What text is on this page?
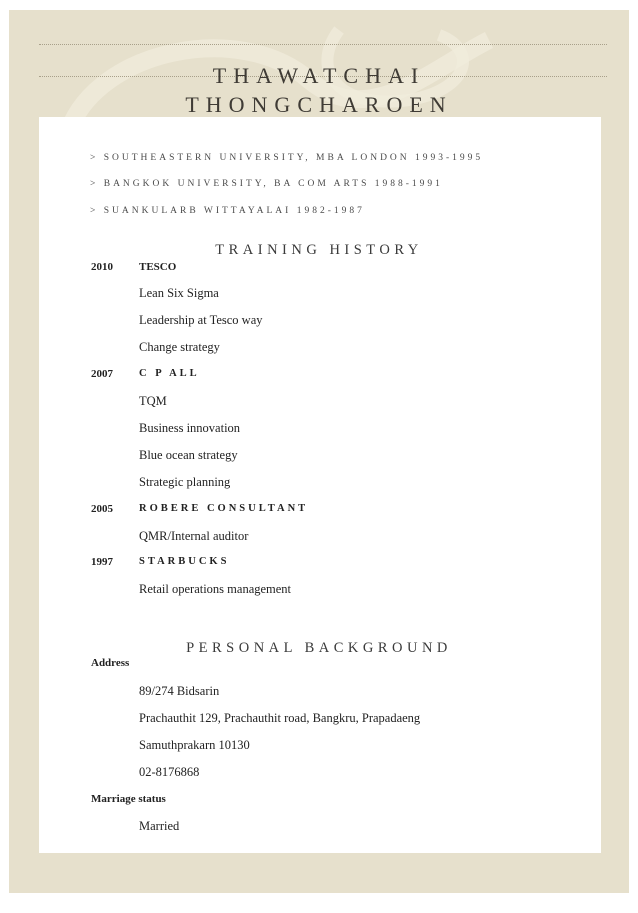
THAWATCHAI
THONGCHAROEN
> SOUTHEASTERN UNIVERSITY, MBA LONDON 1993-1995
> BANGKOK UNIVERSITY, BA COM ARTS 1988-1991
> SUANKULARB WITTAYALAI 1982-1987
TRAINING HISTORY
2010 TESCO
Lean Six Sigma
Leadership at Tesco way
Change strategy
2007 C P ALL
TQM
Business innovation
Blue ocean strategy
Strategic planning
2005 ROBERE CONSULTANT
QMR/Internal auditor
1997 STARBUCKS
Retail operations management
PERSONAL BACKGROUND
Address
89/274 Bidsarin
Prachauthit 129, Prachauthit road, Bangkru, Prapadaeng
Samuthprakarn 10130
02-8176868
Marriage status
Married
